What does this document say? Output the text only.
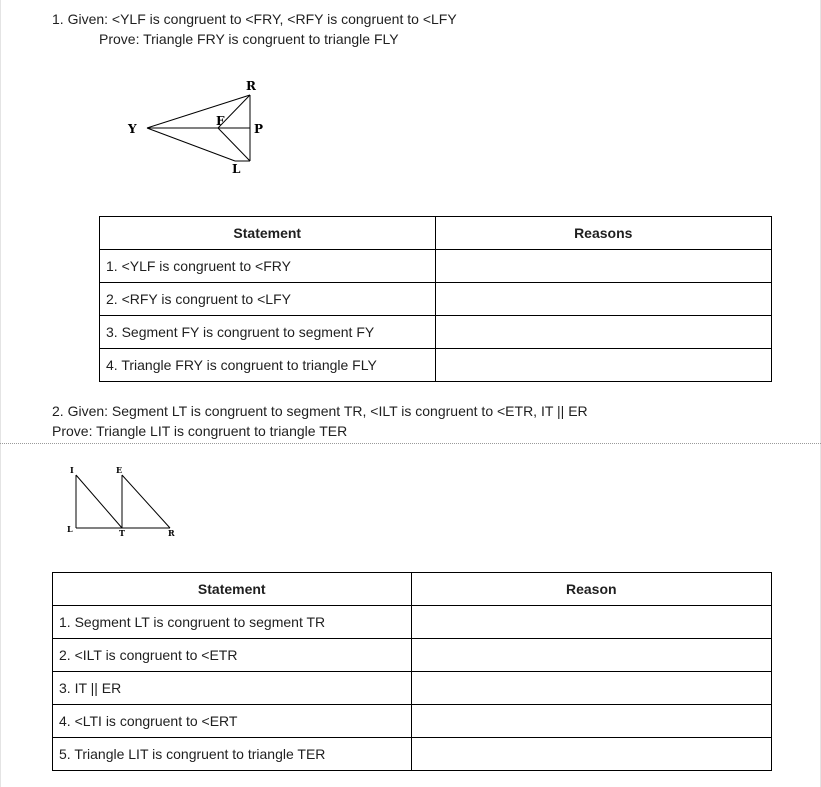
1. Given: <YLF is congruent to <FRY, <RFY is congruent to <LFY
Prove: Triangle FRY is congruent to triangle FLY
R
Y
F
P
L
Statement	Reasons
1. <YLF is congruent to <FRY	
2. <RFY is congruent to <LFY	
3. Segment FY is congruent to segment FY	
4. Triangle FRY is congruent to triangle FLY	
2. Given: Segment LT is congruent to segment TR, <ILT is congruent to <ETR, IT || ER
Prove: Triangle LIT is congruent to triangle TER
I	E
L	T	R
Statement	Reason
1. Segment LT is congruent to segment TR	
2. <ILT is congruent to <ETR	
3. IT || ER	
4. <LTI is congruent to <ERT	
5. Triangle LIT is congruent to triangle TER	
